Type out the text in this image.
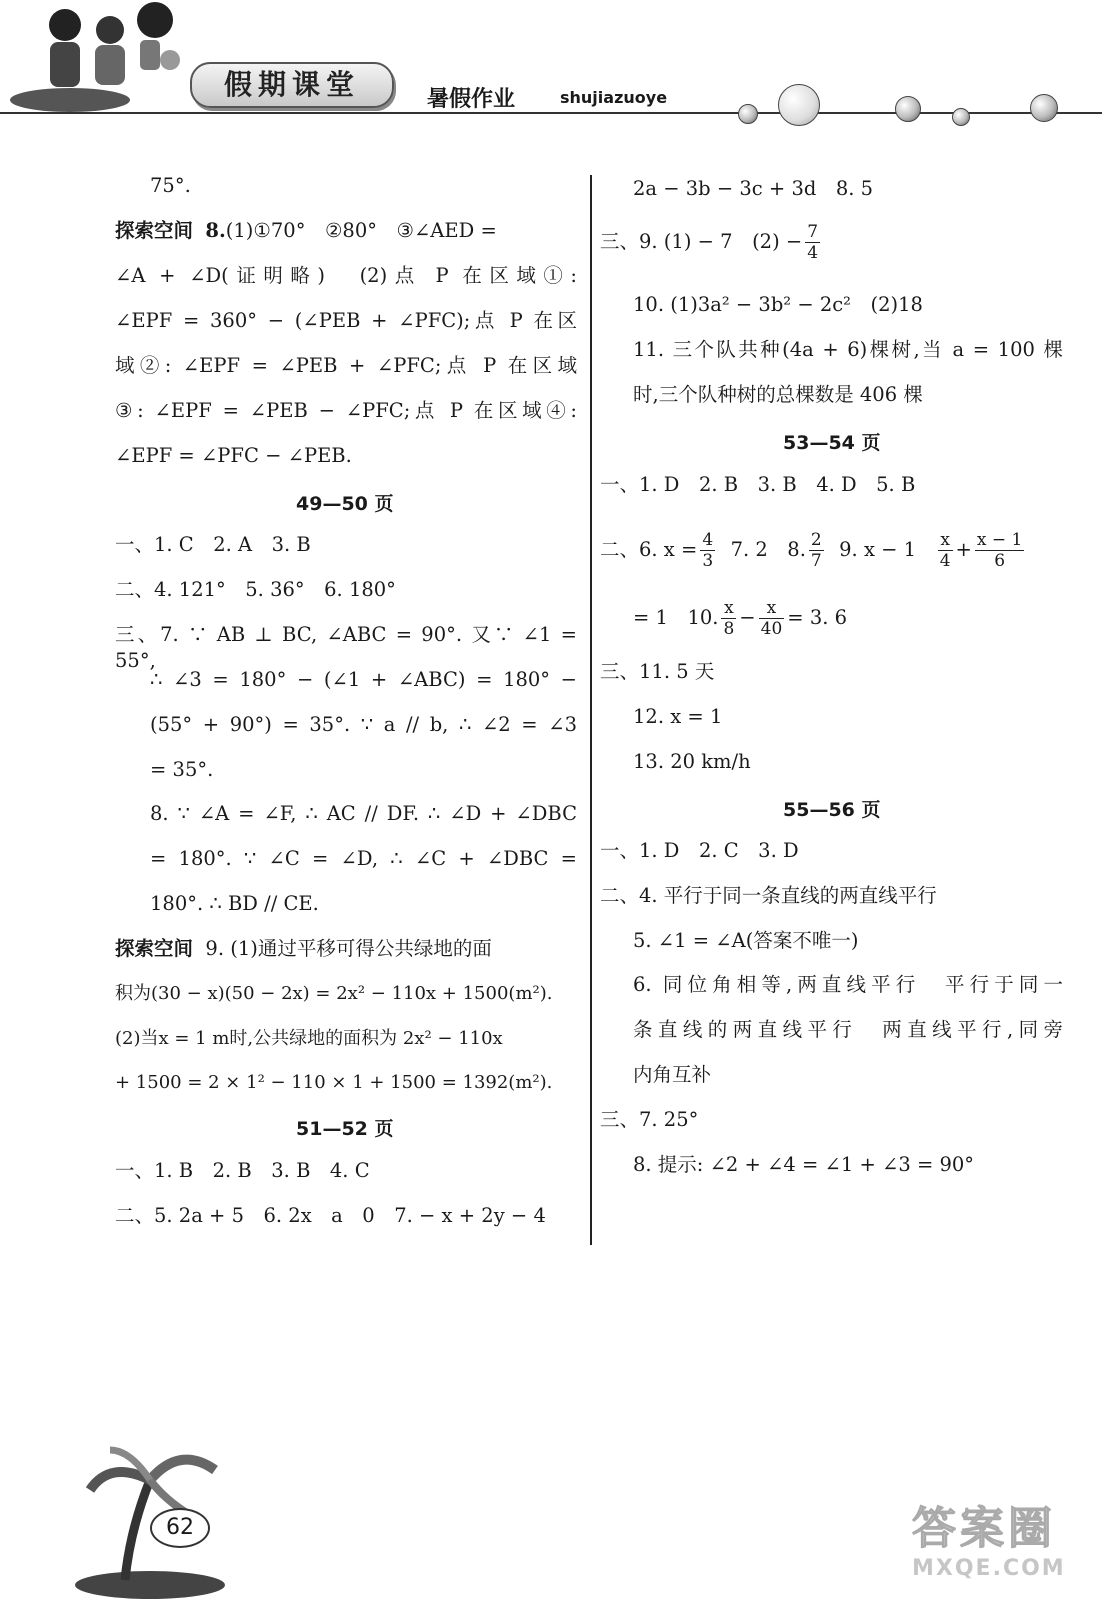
假期课堂	暑假作业	shujiazuoye
75°.
探索空间 8.(1)①70°　②80°　③∠AED =
∠A + ∠D(证明略)　(2)点 P 在区域①:
∠EPF = 360° − (∠PEB + ∠PFC);点 P 在区
域②: ∠EPF = ∠PEB + ∠PFC;点 P 在区域
③: ∠EPF = ∠PEB − ∠PFC;点 P 在区域④:
∠EPF = ∠PFC − ∠PEB.
49—50 页
一、1. C　2. A　3. B
二、4. 121°　5. 36°　6. 180°
三、7. ∵ AB ⊥ BC, ∠ABC = 90°. 又∵ ∠1 = 55°,
∴ ∠3 = 180° − (∠1 + ∠ABC) = 180° −
(55° + 90°) = 35°. ∵ a // b, ∴ ∠2 = ∠3
= 35°.
8. ∵ ∠A = ∠F, ∴ AC // DF. ∴ ∠D + ∠DBC
= 180°. ∵ ∠C = ∠D, ∴ ∠C + ∠DBC =
180°. ∴ BD // CE.
探索空间 9. (1)通过平移可得公共绿地的面
积为(30 − x)(50 − 2x) = 2x² − 110x + 1500(m²).
(2)当x = 1 m时,公共绿地的面积为 2x² − 110x
+ 1500 = 2 × 1² − 110 × 1 + 1500 = 1392(m²).
51—52 页
一、1. B　2. B　3. B　4. C
二、5. 2a + 5　6. 2x　a　0　7. − x + 2y − 4
2a − 3b − 3c + 3d　8. 5
三、9. (1) − 7　$(2) - \frac{7}{4}$
10. (1)3a² − 3b² − 2c²　(2)18
11. 三个队共种(4a + 6)棵树,当 a = 100 棵
时,三个队种树的总棵数是 406 棵
53—54 页
一、1. D　2. B　3. B　4. D　5. B
二、6. $x = \frac{4}{3} 7$. 2　8. $\frac{2}{7} 9$. $x - 1 \frac{x}{4} + \frac{x - 1}{6}$
= 1　10. $\frac{x}{8} - \frac{x}{40} = 3$. 6
三、11. 5 天
12. x = 1
13. 20 km/h
55—56 页
一、1. D　2. C　3. D
二、4. 平行于同一条直线的两直线平行
5. ∠1 = ∠A(答案不唯一)
6. 同位角相等,两直线平行　平行于同一
条直线的两直线平行　两直线平行,同旁
内角互补
三、7. 25°
8. 提示: ∠2 + ∠4 = ∠1 + ∠3 = 90°
62	答案圈
MXQE.COM
